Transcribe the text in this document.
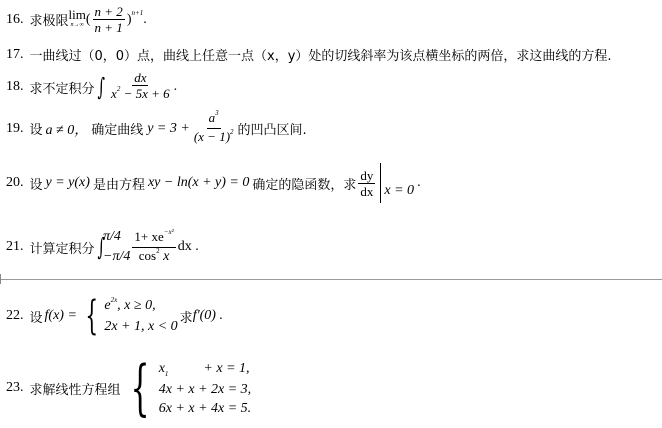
16. 求极限 lim
n→∞ ( $\frac{n + 2}{n + 1}$ ) n+1 .
17. 一曲线过（0，0）点，曲线上任意一点（x，y）处的切线斜率为该点横坐标的两倍，求这曲线的方程.
18. 求不定积分 ∫ $\frac{dx}{x^2 - 5x + 6}$ .
19. 设 a ≠ 0， 确定曲线 $y = 3 + \frac{a^3}{(x - 1)^2}$ 的凹凸区间.
20. 设 y = y(x) 是由方程 xy − ln(x + y) = 0 确定的隐函数，求 $\frac{dy}{dx}$ x = 0
.
21. 计算定积分 ∫
π/4
$-\pi/4 \frac{1+ xe^{-x^2}}{\cos^2 x}$ dx .
22. 设 f(x) = { $e^{2x}$, x ≥ 0,
2x + 1, x < 0
求 f′(0) .
23. 求解线性方程组 { $x_1$	+ x = 1,
4x + x + 2x = 3,
6x + x + 4x = 5.
